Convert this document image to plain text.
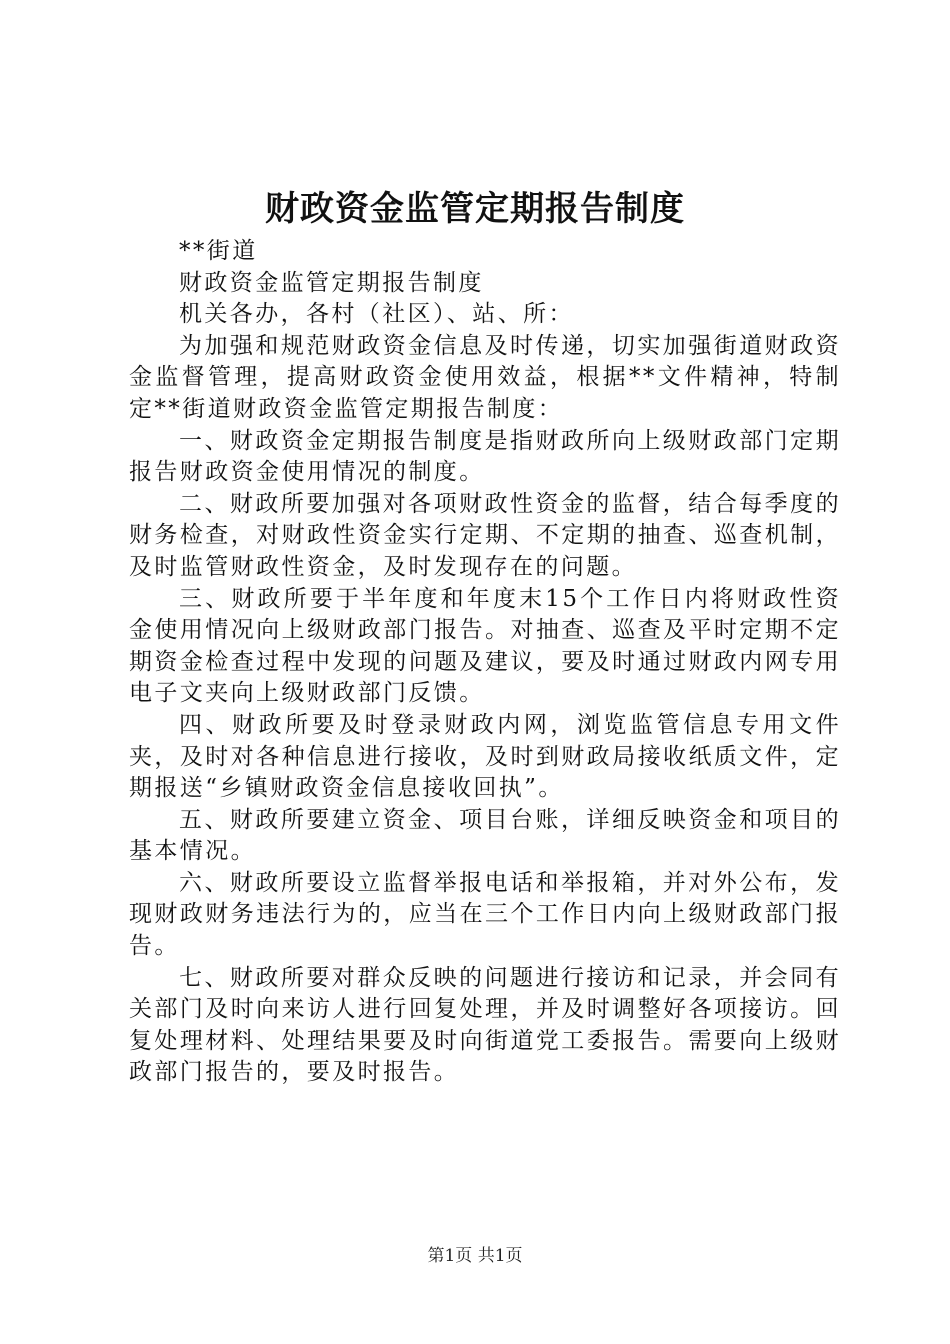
财政资金监管定期报告制度

**街道

财政资金监管定期报告制度

机关各办，各村（社区）、站、所：

为加强和规范财政资金信息及时传递，切实加强街道财政资金监督管理，提高财政资金使用效益，根据**文件精神，特制定**街道财政资金监管定期报告制度：

一、财政资金定期报告制度是指财政所向上级财政部门定期报告财政资金使用情况的制度。

二、财政所要加强对各项财政性资金的监督，结合每季度的财务检查，对财政性资金实行定期、不定期的抽查、巡查机制，及时监管财政性资金，及时发现存在的问题。

三、财政所要于半年度和年度末15个工作日内将财政性资金使用情况向上级财政部门报告。对抽查、巡查及平时定期不定期资金检查过程中发现的问题及建议，要及时通过财政内网专用电子文夹向上级财政部门反馈。

四、财政所要及时登录财政内网，浏览监管信息专用文件夹，及时对各种信息进行接收，及时到财政局接收纸质文件，定期报送“乡镇财政资金信息接收回执”。

五、财政所要建立资金、项目台账，详细反映资金和项目的基本情况。

六、财政所要设立监督举报电话和举报箱，并对外公布，发现财政财务违法行为的，应当在三个工作日内向上级财政部门报告。

七、财政所要对群众反映的问题进行接访和记录，并会同有关部门及时向来访人进行回复处理，并及时调整好各项接访。回复处理材料、处理结果要及时向街道党工委报告。需要向上级财政部门报告的，要及时报告。

第1页 共1页
